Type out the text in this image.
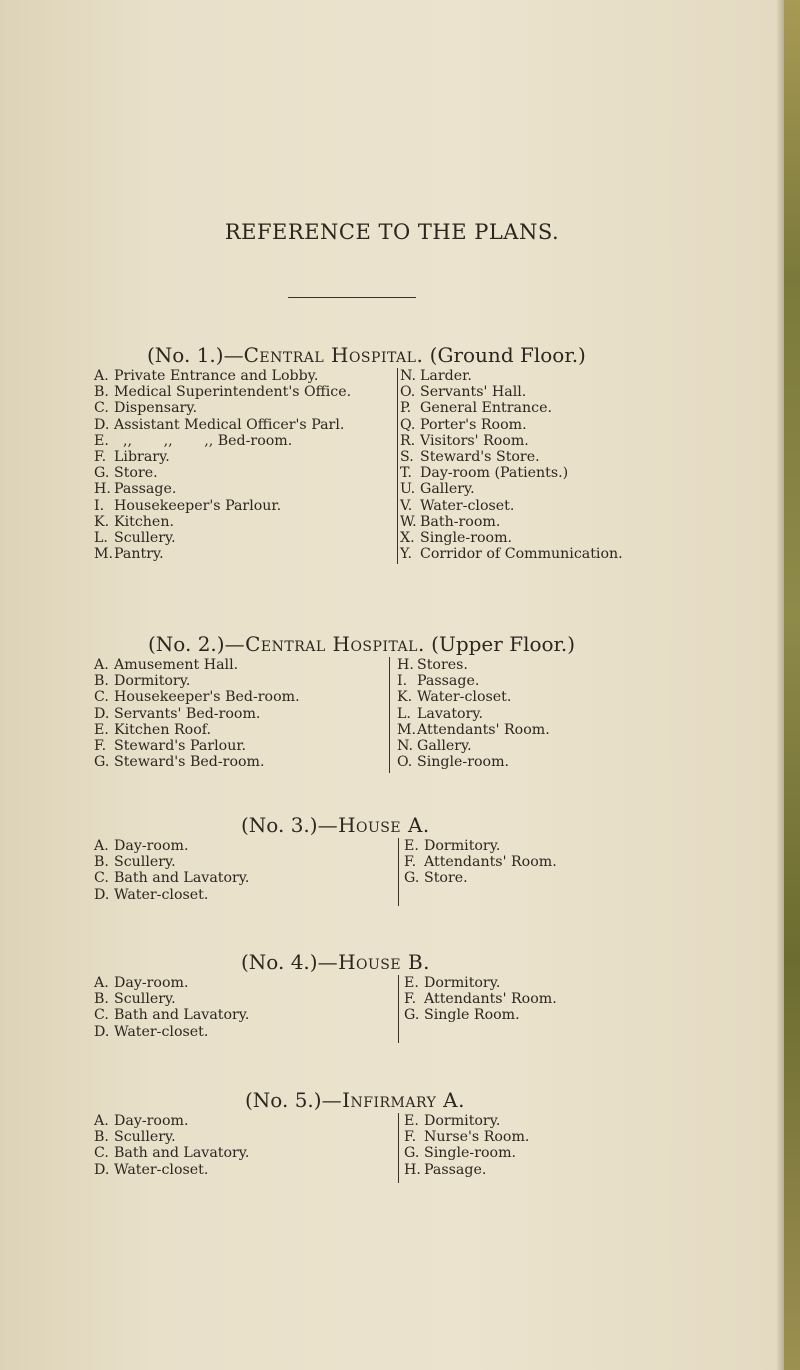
REFERENCE TO THE PLANS.
(No. 1.)—Central Hospital. (Ground Floor.)
A. Private Entrance and Lobby.
B. Medical Superintendent's Office.
C. Dispensary.
D. Assistant Medical Officer's Parl.
E. ,,       ,,       ,, Bed-room.
F. Library.
G. Store.
H. Passage.
I. Housekeeper's Parlour.
K. Kitchen.
L. Scullery.
M. Pantry.
N. Larder.
O. Servants' Hall.
P. General Entrance.
Q. Porter's Room.
R. Visitors' Room.
S. Steward's Store.
T. Day-room (Patients.)
U. Gallery.
V. Water-closet.
W. Bath-room.
X. Single-room.
Y. Corridor of Communication.
(No. 2.)—Central Hospital. (Upper Floor.)
A. Amusement Hall.
B. Dormitory.
C. Housekeeper's Bed-room.
D. Servants' Bed-room.
E. Kitchen Roof.
F. Steward's Parlour.
G. Steward's Bed-room.
H. Stores.
I. Passage.
K. Water-closet.
L. Lavatory.
M. Attendants' Room.
N. Gallery.
O. Single-room.
(No. 3.)—House A.
A. Day-room.
B. Scullery.
C. Bath and Lavatory.
D. Water-closet.
E. Dormitory.
F. Attendants' Room.
G. Store.
(No. 4.)—House B.
A. Day-room.
B. Scullery.
C. Bath and Lavatory.
D. Water-closet.
E. Dormitory.
F. Attendants' Room.
G. Single Room.
(No. 5.)—Infirmary A.
A. Day-room.
B. Scullery.
C. Bath and Lavatory.
D. Water-closet.
E. Dormitory.
F. Nurse's Room.
G. Single-room.
H. Passage.
